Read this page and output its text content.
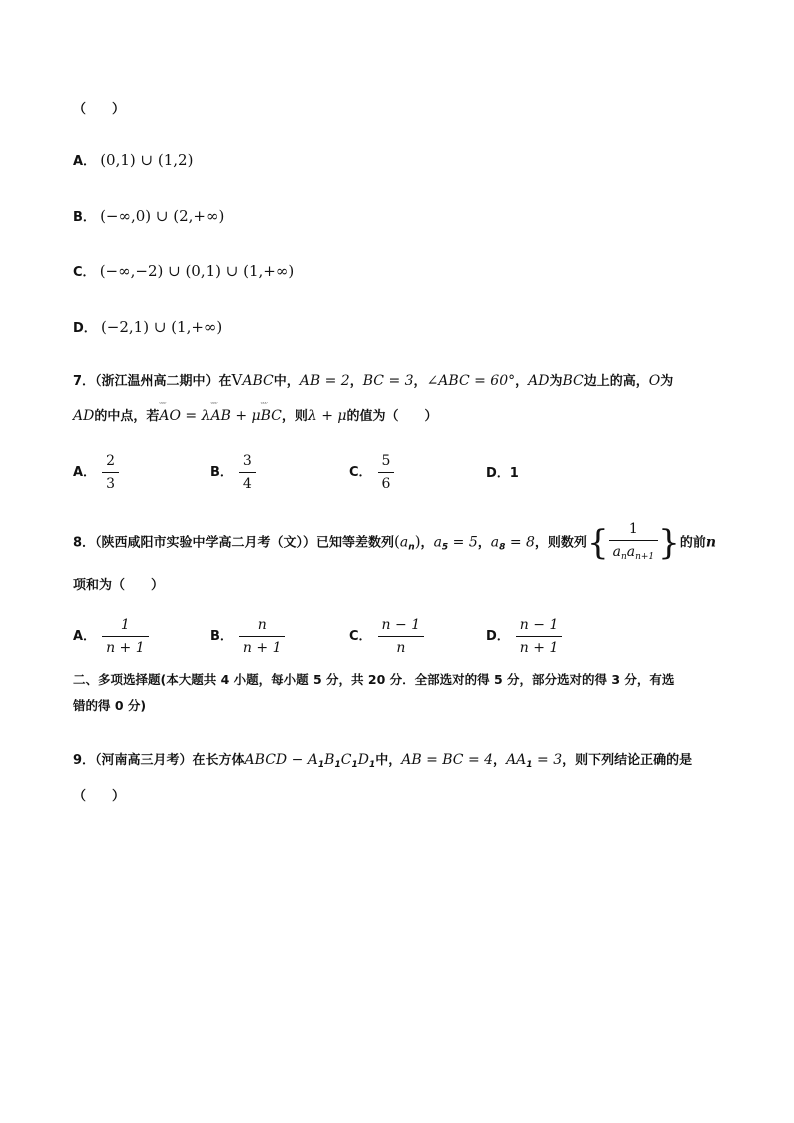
（　　）
A． (0,1) ∪ (1,2)
B． (−∞,0) ∪ (2,+∞)
C． (−∞,−2) ∪ (0,1) ∪ (1,+∞)
D． (−2,1) ∪ (1,+∞)
7．（浙江温州高二期中）在VABC中，AB = 2，BC = 3，∠ABC = 60°，AD为BC边上的高，O为
AD的中点，若ᵕᵕᵕ AO = λᵕᵕᵕ AB + μᵕᵕᵕ BC，则λ + μ的值为（　　）
A． $\frac{2}{3}$	B． $\frac{3}{4}$	C． $\frac{5}{6}$	D．1
8．（陕西咸阳市实验中学高二月考（文））已知等差数列$(a_n)$，$a_5 = 5$，$a_8 = 8$，则数列{ $\frac{1}{a_na_{n+1}}$ }的前n
项和为（　　）
A． $\frac{1}{n + 1}$	B． $\frac{n}{n + 1}$	C． $\frac{n - 1}{n}$	D． $\frac{n - 1}{n + 1}$
二、多项选择题(本大题共 4 小题，每小题 5 分，共 20 分．全部选对的得 5 分，部分选对的得 3 分，有选
错的得 0 分)
9．（河南高三月考）在长方体ABCD − $A_1B_1C_1D_1$中，AB = BC = 4，$AA_1 = 3$，则下列结论正确的是
（　　）
